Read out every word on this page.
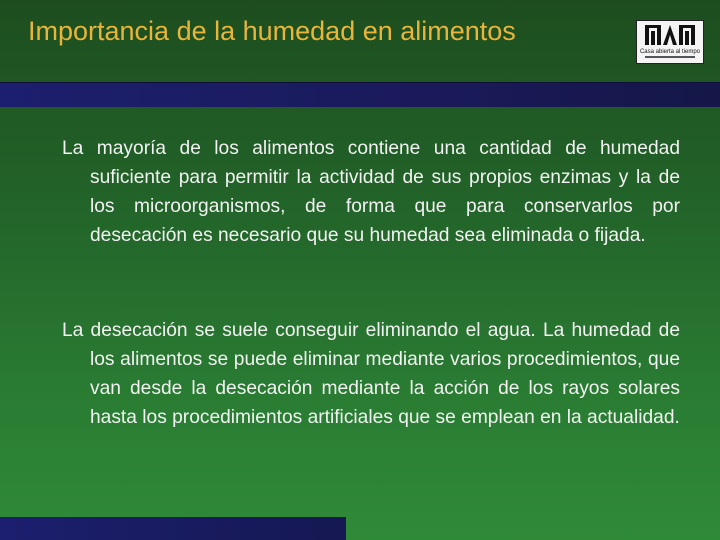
Importancia de la humedad en alimentos
Casa abierta al tiempo
La mayoría de los alimentos contiene una cantidad de humedad suficiente para permitir la actividad de sus propios enzimas y la de los microorganismos, de forma que para conservarlos por desecación es necesario que su humedad sea eliminada o fijada.
La desecación se suele conseguir eliminando el agua. La humedad de los alimentos se puede eliminar mediante varios procedimientos, que van desde la desecación mediante la acción de los rayos solares hasta los procedimientos artificiales que se emplean en la actualidad.
